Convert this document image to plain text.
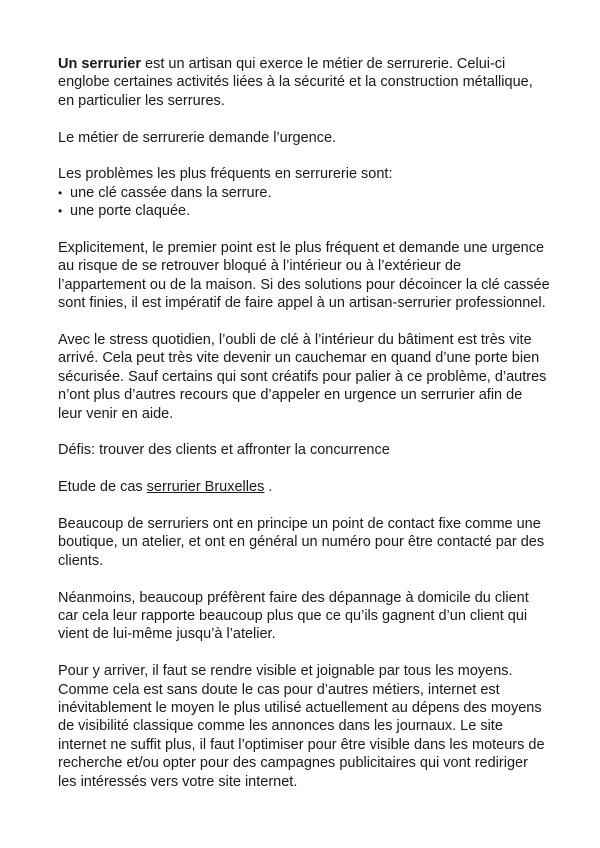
Un serrurier est un artisan qui exerce le métier de serrurerie. Celui-ci englobe certaines activités liées à la sécurité et la construction métallique, en particulier les serrures.

Le métier de serrurerie demande l’urgence.

Les problèmes les plus fréquents en serrurerie sont:

• une clé cassée dans la serrure.
• une porte claquée.

Explicitement, le premier point est le plus fréquent et demande une urgence au risque de se retrouver bloqué à l’intérieur ou à l’extérieur de l’appartement ou de la maison. Si des solutions pour décoincer la clé cassée sont finies, il est impératif de faire appel à un artisan-serrurier professionnel.

Avec le stress quotidien, l’oubli de clé à l’intérieur du bâtiment est très vite arrivé. Cela peut très vite devenir un cauchemar en quand d’une porte bien sécurisée. Sauf certains qui sont créatifs pour palier à ce problème, d’autres n’ont plus d’autres recours que d’appeler en urgence un serrurier afin de leur venir en aide.

Défis: trouver des clients et affronter la concurrence

Etude de cas serrurier Bruxelles .

Beaucoup de serruriers ont en principe un point de contact fixe comme une boutique, un atelier, et ont en général un numéro pour être contacté par des clients.

Néanmoins, beaucoup préfèrent faire des dépannage à domicile du client car cela leur rapporte beaucoup plus que ce qu’ils gagnent d’un client qui vient de lui-même jusqu’à l’atelier.

Pour y arriver, il faut se rendre visible et joignable par tous les moyens. Comme cela est sans doute le cas pour d’autres métiers, internet est inévitablement le moyen le plus utilisé actuellement au dépens des moyens de visibilité classique comme les annonces dans les journaux. Le site internet ne suffit plus, il faut l’optimiser pour être visible dans les moteurs de recherche et/ou opter pour des campagnes publicitaires qui vont rediriger les intéressés vers votre site internet.
